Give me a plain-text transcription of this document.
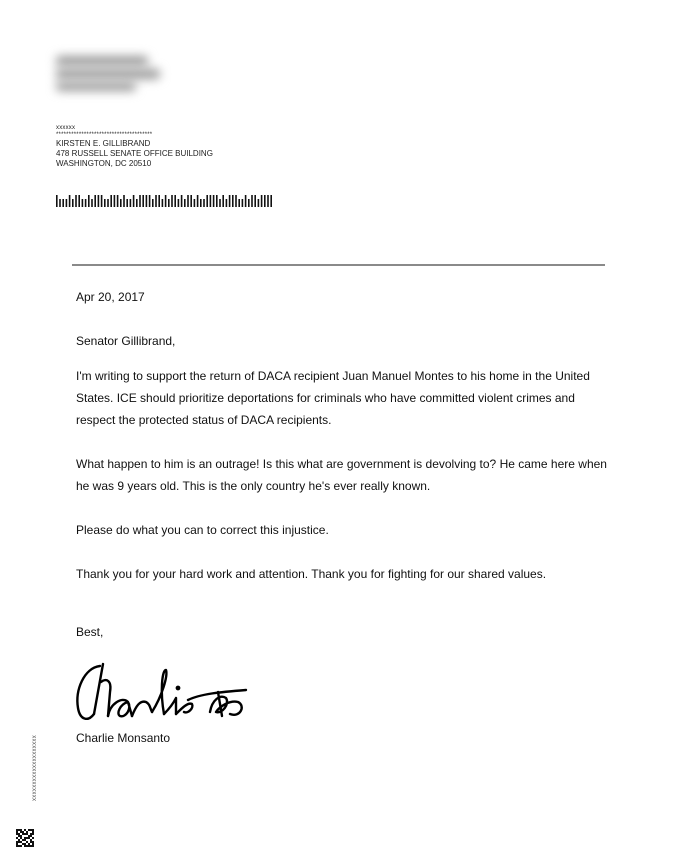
xxxxxx
**************************************
KIRSTEN E. GILLIBRAND
478 RUSSELL SENATE OFFICE BUILDING
WASHINGTON, DC 20510

Apr 20, 2017

Senator Gillibrand,

I'm writing to support the return of DACA recipient Juan Manuel Montes to his home in the United States. ICE should prioritize deportations for criminals who have committed violent crimes and respect the protected status of DACA recipients.

What happen to him is an outrage! Is this what are government is devolving to? He came here when he was 9 years old. This is the only country he's ever really known.

Please do what you can to correct this injustice.

Thank you for your hard work and attention. Thank you for fighting for our shared values.

Best,

Charlie Monsanto
xxxxxxxxxxxxxxxxxxxx
